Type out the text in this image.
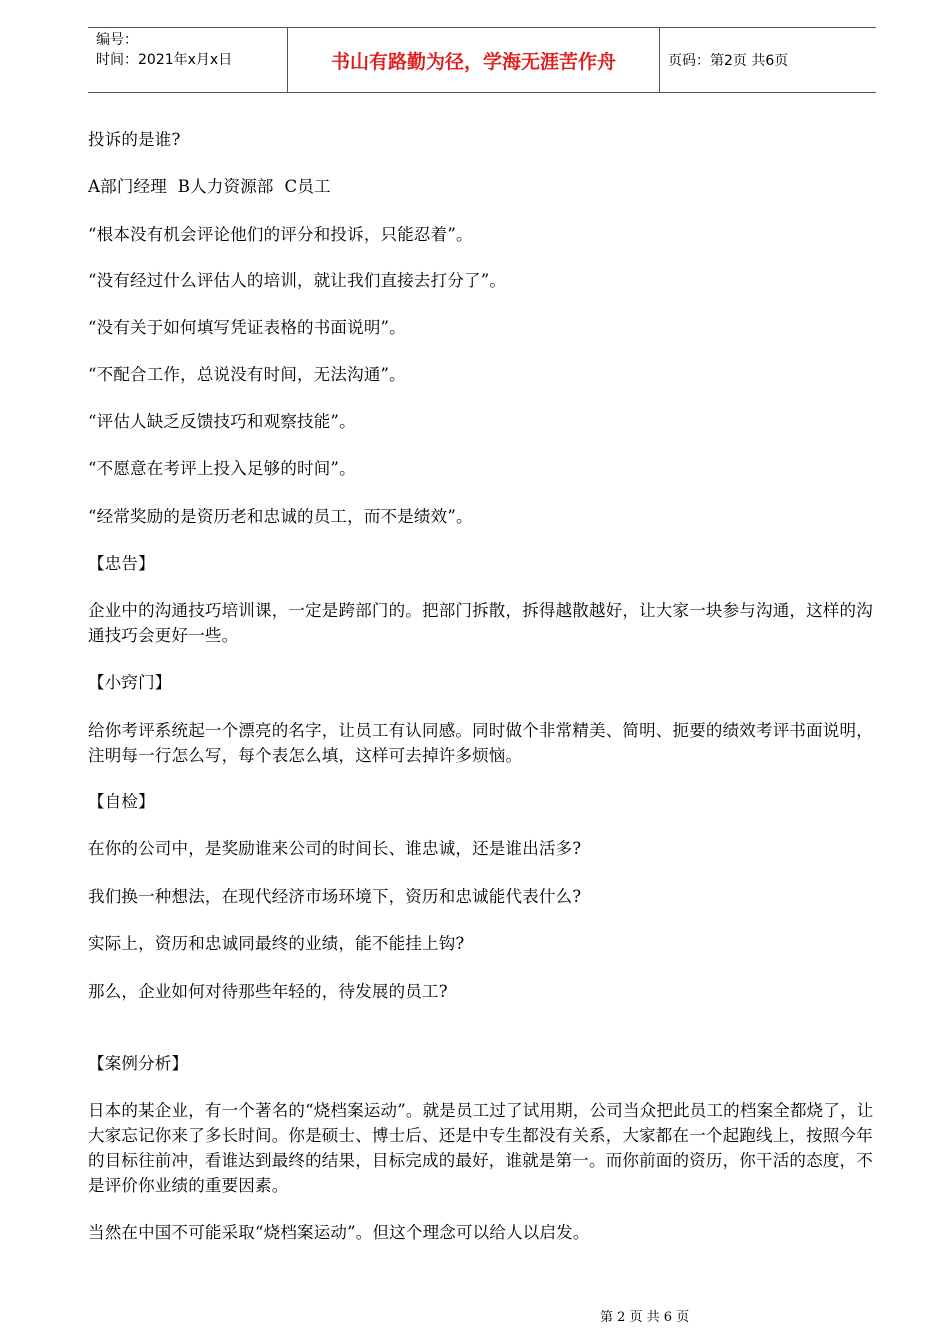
编号：
时间：2021年x月x日	书山有路勤为径，学海无涯苦作舟	页码：第2页 共6页
投诉的是谁?
A部门经理  B人力资源部  C员工
“根本没有机会评论他们的评分和投诉，只能忍着”。
“没有经过什么评估人的培训，就让我们直接去打分了”。
“没有关于如何填写凭证表格的书面说明”。
“不配合工作，总说没有时间，无法沟通”。
“评估人缺乏反馈技巧和观察技能”。
“不愿意在考评上投入足够的时间”。
“经常奖励的是资历老和忠诚的员工，而不是绩效”。
【忠告】
企业中的沟通技巧培训课，一定是跨部门的。把部门拆散，拆得越散越好，让大家一块参与沟通，这样的沟通技巧会更好一些。
【小窍门】
给你考评系统起一个漂亮的名字，让员工有认同感。同时做个非常精美、简明、扼要的绩效考评书面说明，注明每一行怎么写，每个表怎么填，这样可去掉许多烦恼。
【自检】
在你的公司中，是奖励谁来公司的时间长、谁忠诚，还是谁出活多?
我们换一种想法，在现代经济市场环境下，资历和忠诚能代表什么?
实际上，资历和忠诚同最终的业绩，能不能挂上钩?
那么，企业如何对待那些年轻的，待发展的员工?
【案例分析】
日本的某企业，有一个著名的“烧档案运动”。就是员工过了试用期，公司当众把此员工的档案全都烧了，让大家忘记你来了多长时间。你是硕士、博士后、还是中专生都没有关系，大家都在一个起跑线上，按照今年的目标往前冲，看谁达到最终的结果，目标完成的最好，谁就是第一。而你前面的资历，你干活的态度，不是评价你业绩的重要因素。
当然在中国不可能采取“烧档案运动”。但这个理念可以给人以启发。
第 2 页 共 6 页
